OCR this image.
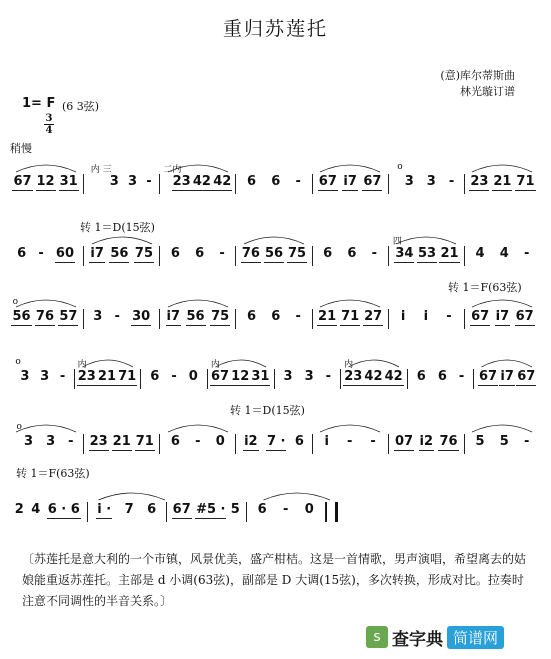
重归苏莲托
(意)库尔蒂斯曲
林光璇订谱
1= F (6 3弦)
3
4
稍慢
转 1＝D(15弦)
转 1＝F(63弦)
转 1＝D(15弦)
转 1＝F(63弦)
67 12 31
内 三
3 3 -
二内
23 42 42 6 6 - 67 i7 67
o
3 3 - 23 21 71
6 - 60 i7 56 75 6 6 - 76 56 75 6 6 -
四
34 53 21 4 4 -
o
56 76 57 3 - 30 i7 56 75 6 6 - 21 71 27 i i - 67 i7 67
o
3 3 -
内
23 21 71 6 - 0
内
67 12 31 3 3 -
内
23 42 42 6 6 - 67 i7 67
o
3 3 - 23 21 71 6 - 0 i2 7 · 6 i - - 07 i2 76 5 5 -
2 4 6 · 6 i · 7 6 67 #5 · 5 6 - 0
〔苏莲托是意大利的一个市镇，风景优美，盛产柑桔。这是一首情歌，男声演唱，希望离去的姑娘能重返苏莲托。主部是 d 小调(63弦)，副部是 D 大调(15弦)，多次转换，形成对比。拉奏时注意不同调性的半音关系。〕
s 查字典 简谱网
